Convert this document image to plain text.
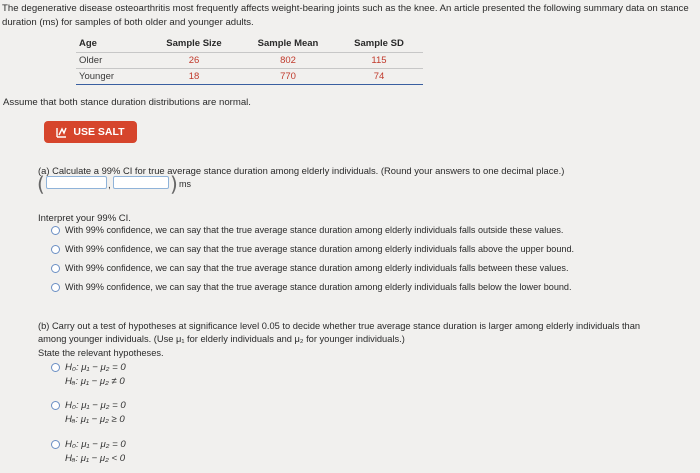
The degenerative disease osteoarthritis most frequently affects weight-bearing joints such as the knee. An article presented the following summary data on stance duration (ms) for samples of both older and younger adults.
Age	Sample Size	Sample Mean	Sample SD
Older	26	802	115
Younger	18	770	74
Assume that both stance duration distributions are normal.
USE SALT
(a) Calculate a 99% CI for true average stance duration among elderly individuals. (Round your answers to one decimal place.)
(	,	) ms
Interpret your 99% CI.
With 99% confidence, we can say that the true average stance duration among elderly individuals falls outside these values.
With 99% confidence, we can say that the true average stance duration among elderly individuals falls above the upper bound.
With 99% confidence, we can say that the true average stance duration among elderly individuals falls between these values.
With 99% confidence, we can say that the true average stance duration among elderly individuals falls below the lower bound.
(b) Carry out a test of hypotheses at significance level 0.05 to decide whether true average stance duration is larger among elderly individuals than among younger individuals. (Use μ₁ for elderly individuals and μ₂ for younger individuals.)
State the relevant hypotheses.
H₀: μ₁ − μ₂ = 0
Hₐ: μ₁ − μ₂ ≠ 0
H₀: μ₁ − μ₂ = 0
Hₐ: μ₁ − μ₂ ≥ 0
H₀: μ₁ − μ₂ = 0
Hₐ: μ₁ − μ₂ < 0
